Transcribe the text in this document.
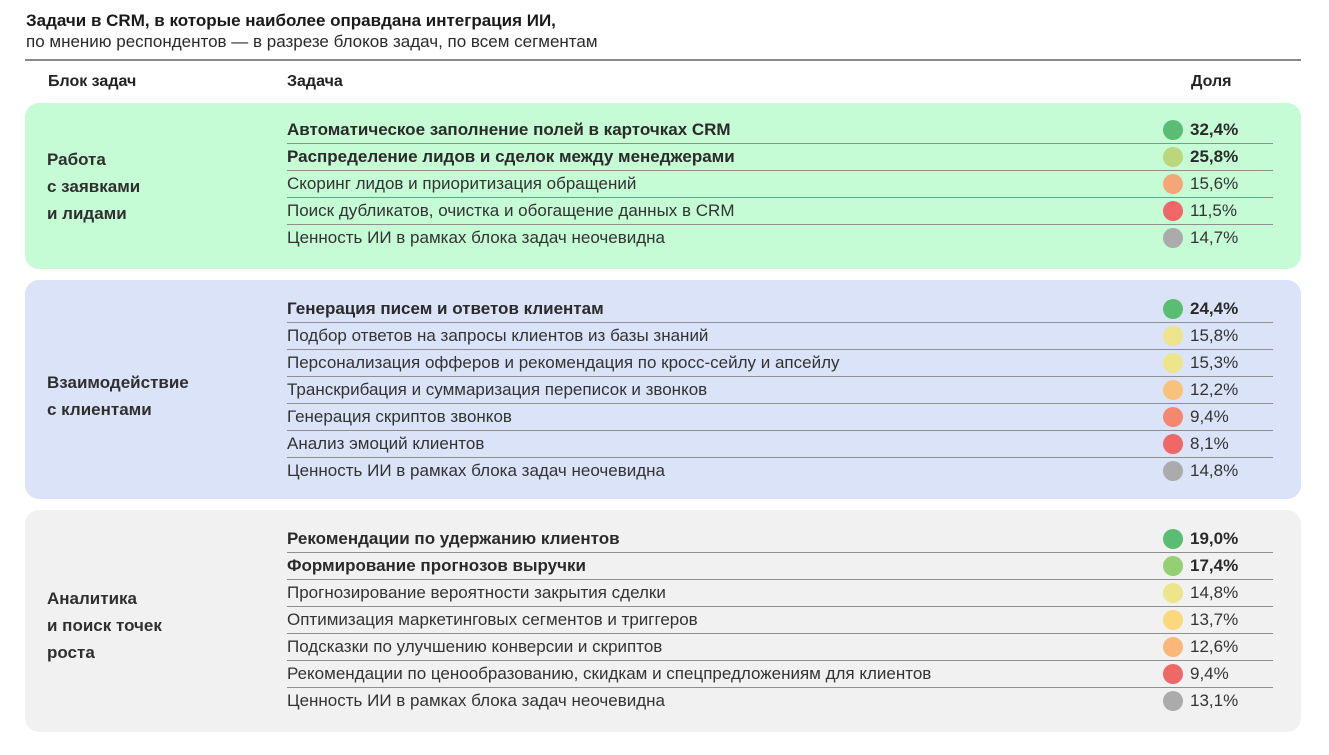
Задачи в CRM, в которые наиболее оправдана интеграция ИИ,
по мнению респондентов — в разрезе блоков задач, по всем сегментам
Блок задач	Задача	Доля
Работа
с заявками
и лидами
Автоматическое заполнение полей в карточках CRM	32,4%
Распределение лидов и сделок между менеджерами	25,8%
Скоринг лидов и приоритизация обращений	15,6%
Поиск дубликатов, очистка и обогащение данных в CRM	11,5%
Ценность ИИ в рамках блока задач неочевидна	14,7%
Взаимодействие
с клиентами
Генерация писем и ответов клиентам	24,4%
Подбор ответов на запросы клиентов из базы знаний	15,8%
Персонализация офферов и рекомендация по кросс-сейлу и апсейлу	15,3%
Транскрибация и суммаризация переписок и звонков	12,2%
Генерация скриптов звонков	9,4%
Анализ эмоций клиентов	8,1%
Ценность ИИ в рамках блока задач неочевидна	14,8%
Аналитика
и поиск точек
роста
Рекомендации по удержанию клиентов	19,0%
Формирование прогнозов выручки	17,4%
Прогнозирование вероятности закрытия сделки	14,8%
Оптимизация маркетинговых сегментов и триггеров	13,7%
Подсказки по улучшению конверсии и скриптов	12,6%
Рекомендации по ценообразованию, скидкам и спецпредложениям для клиентов	9,4%
Ценность ИИ в рамках блока задач неочевидна	13,1%
